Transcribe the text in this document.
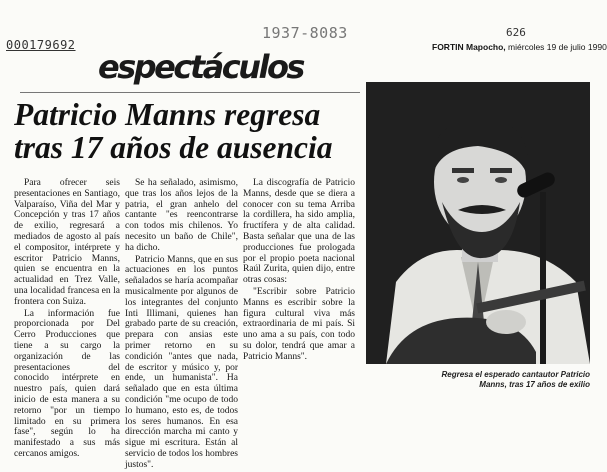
000179692
1937-8083	626
FORTIN Mapocho, miércoles 19 de julio 1990
espectáculos
Patricio Manns regresa tras 17 años de ausencia

Para ofrecer seis presentaciones en Santiago, Valparaíso, Viña del Mar y Concepción y tras 17 años de exilio, regresará a mediados de agosto al país el compositor, intérprete y escritor Patricio Manns, quien se encuentra en la actualidad en Trez Valle, una localidad francesa en la frontera con Suiza.

La información fue proporcionada por Del Cerro Producciones que tiene a su cargo la organización de las presentaciones del conocido intérprete en nuestro país, quien dará inicio de esta manera a su retorno "por un tiempo limitado en su primera fase", según lo ha manifestado a sus más cercanos amigos.

Se ha señalado, asimismo, que tras los años lejos de la patria, el gran anhelo del cantante "es reencontrarse con todos mis chilenos. Yo necesito un baño de Chile", ha dicho.

Patricio Manns, que en sus actuaciones en los puntos señalados se haría acompañar musicalmente por algunos de los integrantes del conjunto Inti Illimani, quienes han grabado parte de su creación, prepara con ansias este primer retorno en su condición "antes que nada, de escritor y músico y, por ende, un humanista". Ha señalado que en esta última condición "me ocupo de todo lo humano, esto es, de todos los seres humanos. En esa dirección marcha mi canto y sigue mi escritura. Están al servicio de todos los hombres justos".

La discografía de Patricio Manns, desde que se diera a conocer con su tema Arriba la cordillera, ha sido amplia, fructífera y de alta calidad. Basta señalar que una de las producciones fue prologada por el propio poeta nacional Raúl Zurita, quien dijo, entre otras cosas:

"Escribir sobre Patricio Manns es escribir sobre la figura cultural viva más extraordinaria de mi país. Si uno ama a su país, con todo su dolor, tendrá que amar a Patricio Manns".

Regresa el esperado cantautor Patricio Manns, tras 17 años de exilio
